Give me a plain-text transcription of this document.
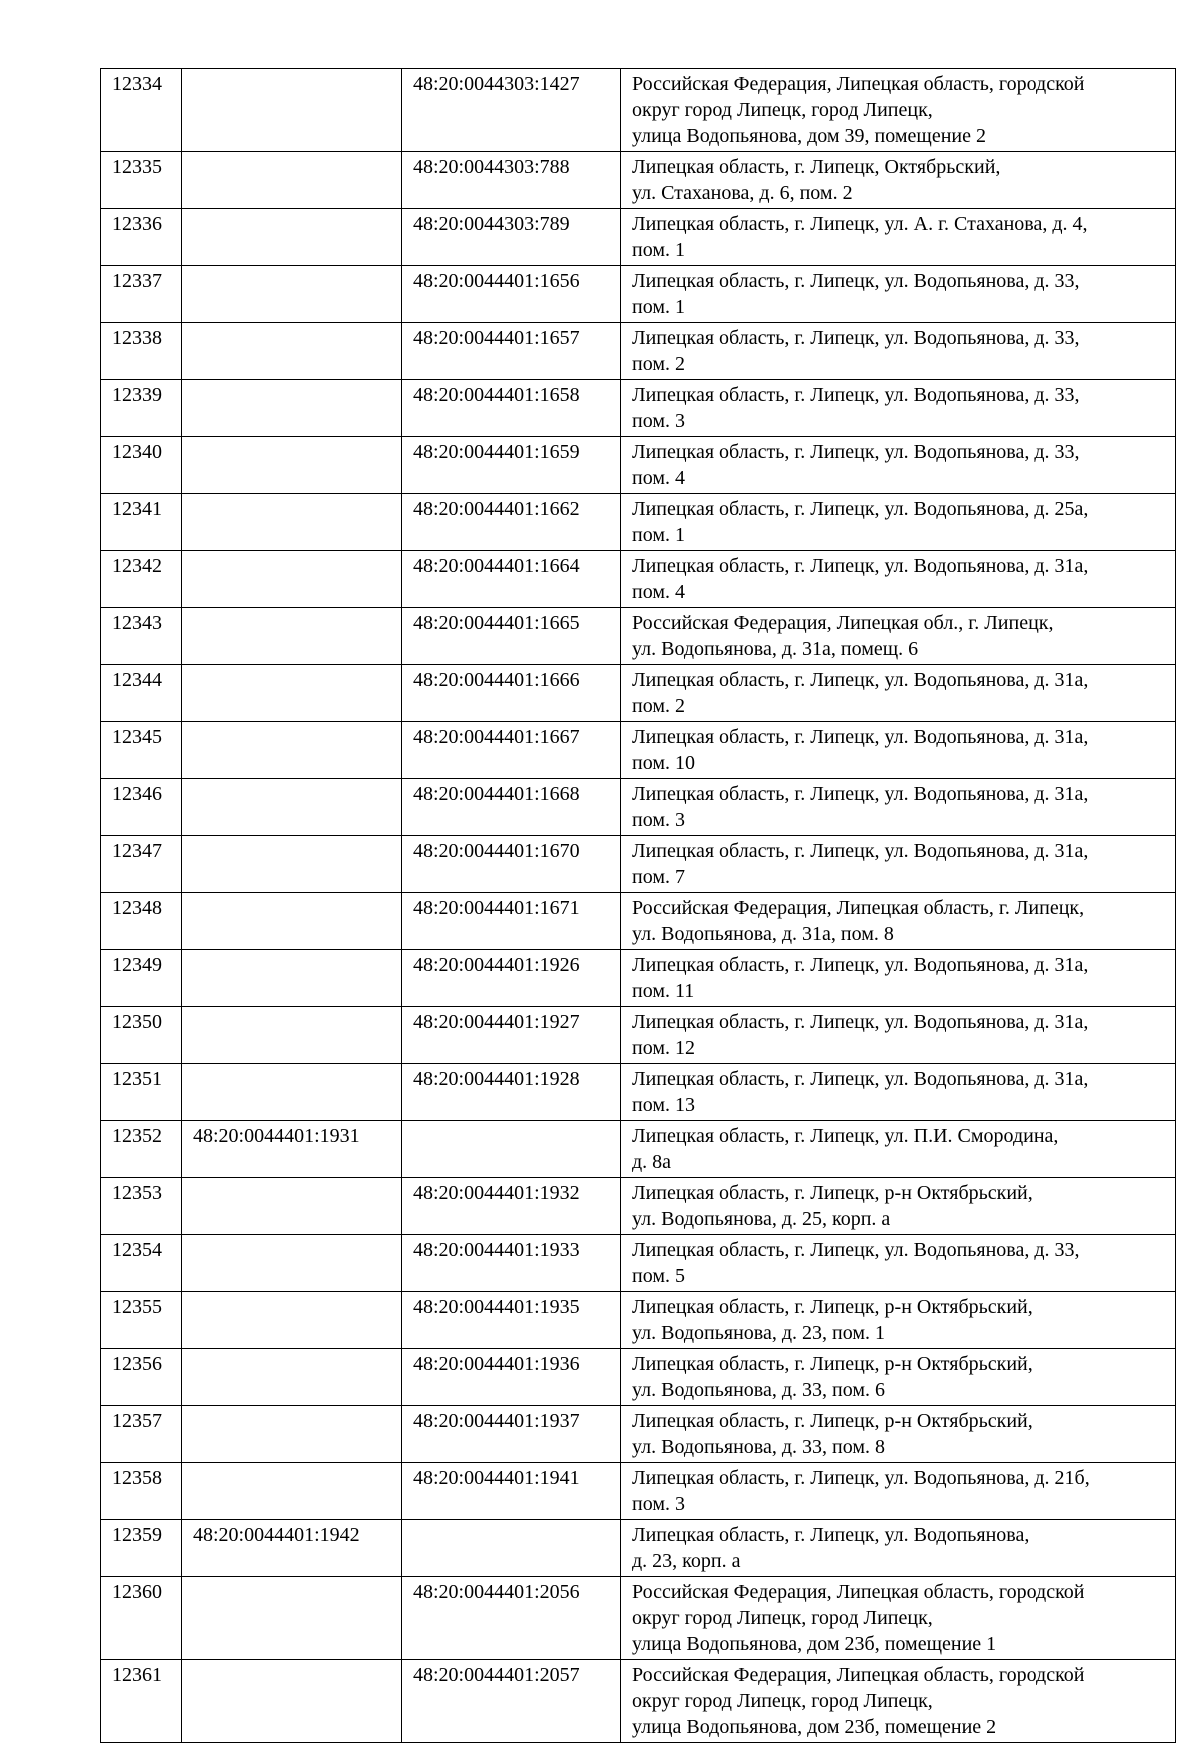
12334		48:20:0044303:1427	Российская Федерация, Липецкая область, городской
округ город Липецк, город Липецк,
улица Водопьянова, дом 39, помещение 2
12335		48:20:0044303:788	Липецкая область, г. Липецк, Октябрьский,
ул. Стаханова, д. 6, пом. 2
12336		48:20:0044303:789	Липецкая область, г. Липецк, ул. А. г. Стаханова, д. 4,
пом. 1
12337		48:20:0044401:1656	Липецкая область, г. Липецк, ул. Водопьянова, д. 33,
пом. 1
12338		48:20:0044401:1657	Липецкая область, г. Липецк, ул. Водопьянова, д. 33,
пом. 2
12339		48:20:0044401:1658	Липецкая область, г. Липецк, ул. Водопьянова, д. 33,
пом. 3
12340		48:20:0044401:1659	Липецкая область, г. Липецк, ул. Водопьянова, д. 33,
пом. 4
12341		48:20:0044401:1662	Липецкая область, г. Липецк, ул. Водопьянова, д. 25а,
пом. 1
12342		48:20:0044401:1664	Липецкая область, г. Липецк, ул. Водопьянова, д. 31а,
пом. 4
12343		48:20:0044401:1665	Российская Федерация, Липецкая обл., г. Липецк,
ул. Водопьянова, д. 31а, помещ. 6
12344		48:20:0044401:1666	Липецкая область, г. Липецк, ул. Водопьянова, д. 31а,
пом. 2
12345		48:20:0044401:1667	Липецкая область, г. Липецк, ул. Водопьянова, д. 31а,
пом. 10
12346		48:20:0044401:1668	Липецкая область, г. Липецк, ул. Водопьянова, д. 31а,
пом. 3
12347		48:20:0044401:1670	Липецкая область, г. Липецк, ул. Водопьянова, д. 31а,
пом. 7
12348		48:20:0044401:1671	Российская Федерация, Липецкая область, г. Липецк,
ул. Водопьянова, д. 31а, пом. 8
12349		48:20:0044401:1926	Липецкая область, г. Липецк, ул. Водопьянова, д. 31а,
пом. 11
12350		48:20:0044401:1927	Липецкая область, г. Липецк, ул. Водопьянова, д. 31а,
пом. 12
12351		48:20:0044401:1928	Липецкая область, г. Липецк, ул. Водопьянова, д. 31а,
пом. 13
12352	48:20:0044401:1931		Липецкая область, г. Липецк, ул. П.И. Смородина,
д. 8а
12353		48:20:0044401:1932	Липецкая область, г. Липецк, р-н Октябрьский,
ул. Водопьянова, д. 25, корп. а
12354		48:20:0044401:1933	Липецкая область, г. Липецк, ул. Водопьянова, д. 33,
пом. 5
12355		48:20:0044401:1935	Липецкая область, г. Липецк, р-н Октябрьский,
ул. Водопьянова, д. 23, пом. 1
12356		48:20:0044401:1936	Липецкая область, г. Липецк, р-н Октябрьский,
ул. Водопьянова, д. 33, пом. 6
12357		48:20:0044401:1937	Липецкая область, г. Липецк, р-н Октябрьский,
ул. Водопьянова, д. 33, пом. 8
12358		48:20:0044401:1941	Липецкая область, г. Липецк, ул. Водопьянова, д. 21б,
пом. 3
12359	48:20:0044401:1942		Липецкая область, г. Липецк, ул. Водопьянова,
д. 23, корп. а
12360		48:20:0044401:2056	Российская Федерация, Липецкая область, городской
округ город Липецк, город Липецк,
улица Водопьянова, дом 23б, помещение 1
12361		48:20:0044401:2057	Российская Федерация, Липецкая область, городской
округ город Липецк, город Липецк,
улица Водопьянова, дом 23б, помещение 2
